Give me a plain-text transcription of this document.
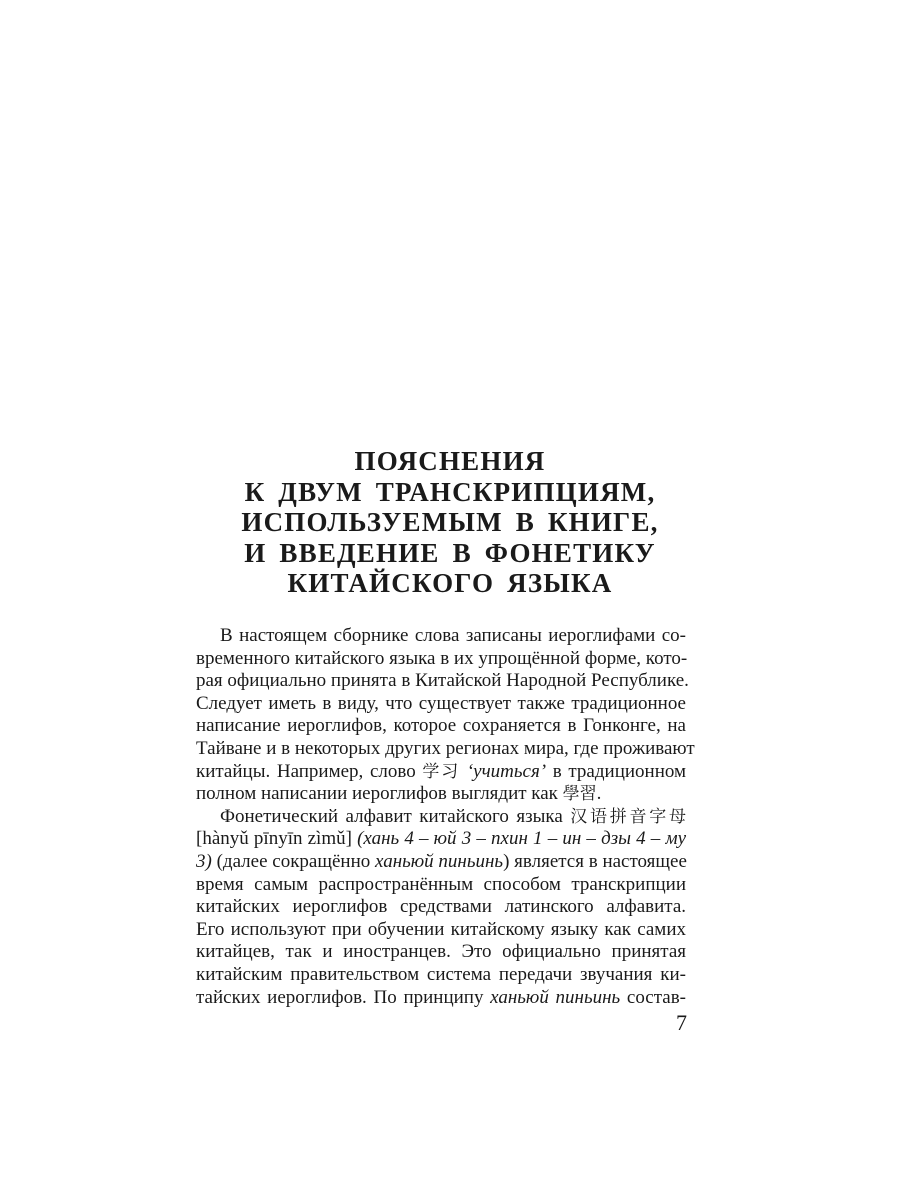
ПОЯСНЕНИЯ
К ДВУМ ТРАНСКРИПЦИЯМ,
ИСПОЛЬЗУЕМЫМ В КНИГЕ,
И ВВЕДЕНИЕ В ФОНЕТИКУ
КИТАЙСКОГО ЯЗЫКА

В настоящем сборнике слова записаны иероглифами со-
временного китайского языка в их упрощённой форме, кото-
рая официально принята в Китайской Народной Республике.
Следует иметь в виду, что существует также традиционное
написание иероглифов, которое сохраняется в Гонконге, на
Тайване и в некоторых других регионах мира, где проживают
китайцы. Например, слово 学习 ‘учиться’ в традиционном
полном написании иероглифов выглядит как 學習.

Фонетический алфавит китайского языка 汉语拼音字母
[hànyǔ pīnyīn zìmǔ] (хань 4 – юй 3 – пхин 1 – ин – дзы 4 – му
3) (далее сокращённо ханьюй пиньинь) является в настоящее
время самым распространённым способом транскрипции
китайских иероглифов средствами латинского алфавита.
Его используют при обучении китайскому языку как самих
китайцев, так и иностранцев. Это официально принятая
китайским правительством система передачи звучания ки-
тайских иероглифов. По принципу ханьюй пиньинь состав-

7
